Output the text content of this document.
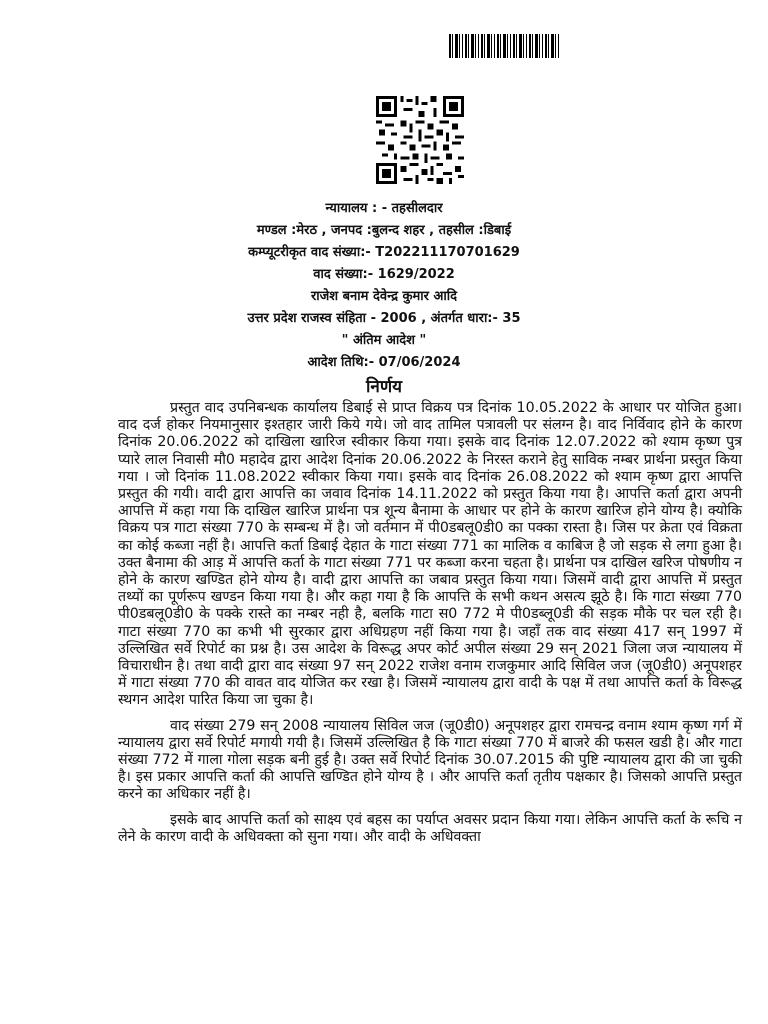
न्यायालय : - तहसीलदार
मण्डल :मेरठ , जनपद :बुलन्द शहर , तहसील :डिबाई
कम्प्यूटरीकृत वाद संख्या:- T202211170701629
वाद संख्या:- 1629/2022
राजेश बनाम देवेन्द्र कुमार आदि
उत्तर प्रदेश राजस्व संहिता - 2006 , अंतर्गत धारा:- 35
" अंतिम आदेश "
आदेश तिथि:- 07/06/2024
निर्णय

प्रस्तुत वाद उपनिबन्धक कार्यालय डिबाई से प्राप्त विक्रय पत्र दिनांक 10.05.2022 के आधार पर योजित हुआ। वाद दर्ज होकर नियमानुसार इश्तहार जारी किये गये। जो वाद तामिल पत्रावली पर संलग्न है। वाद निर्विवाद होने के कारण दिनांक 20.06.2022 को दाखिला खारिज स्वीकार किया गया। इसके वाद दिनांक 12.07.2022 को श्याम कृष्ण पुत्र प्यारे लाल निवासी मौ0 महादेव द्वारा आदेश दिनांक 20.06.2022 के निरस्त कराने हेतु साविक नम्बर प्रार्थना प्रस्तुत किया गया । जो दिनांक 11.08.2022 स्वीकार किया गया। इसके वाद दिनांक 26.08.2022 को श्याम कृष्ण द्वारा आपत्ति प्रस्तुत की गयी। वादी द्वारा आपत्ति का जवाव दिनांक 14.11.2022 को प्रस्तुत किया गया है। आपत्ति कर्ता द्वारा अपनी आपत्ति में कहा गया कि दाखिल खारिज प्रार्थना पत्र शून्य बैनामा के आधार पर होने के कारण खारिज होने योग्य है। क्योकि विक्रय पत्र गाटा संख्या 770 के सम्बन्ध में है। जो वर्तमान में पी0डबलू0डी0 का पक्का रास्ता है। जिस पर क्रेता एवं विक्रता का कोई कब्जा नहीं है। आपत्ति कर्ता डिबाई देहात के गाटा संख्या 771 का मालिक व काबिज है जो सड़क से लगा हुआ है। उक्त बैनामा की आड़ में आपत्ति कर्ता के गाटा संख्या 771 पर कब्जा करना चहता है। प्रार्थना पत्र दाखिल खरिज पोषणीय न होने के कारण खण्डित होने योग्य है। वादी द्वारा आपत्ति का जबाव प्रस्तुत किया गया। जिसमें वादी द्वारा आपत्ति में प्रस्तुत तथ्यों का पूर्णरूप खण्डन किया गया है। और कहा गया है कि आपत्ति के सभी कथन असत्य झूठे है। कि गाटा संख्या 770 पी0डबलू0डी0 के पक्के रास्ते का नम्बर नही है, बलकि गाटा स0 772 मे पी0डब्लू0डी की सड़क मौके पर चल रही है। गाटा संख्या 770 का कभी भी सुरकार द्वारा अधिग्रहण नहीं किया गया है। जहाँ तक वाद संख्या 417 सन् 1997 में उल्लिखित सर्वे रिपोर्ट का प्रश्न है। उस आदेश के विरूद्ध अपर कोर्ट अपील संख्या 29 सन् 2021 जिला जज न्यायालय में विचाराधीन है। तथा वादी द्वारा वाद संख्या 97 सन् 2022 राजेश वनाम राजकुमार आदि सिविल जज (जू0डी0) अनूपशहर में गाटा संख्या 770 की वावत वाद योजित कर रखा है। जिसमें न्यायालय द्वारा वादी के पक्ष में तथा आपत्ति कर्ता के विरूद्ध स्थगन आदेश पारित किया जा चुका है।

वाद संख्या 279 सन् 2008 न्यायालय सिविल जज (जू0डी0) अनूपशहर द्वारा रामचन्द्र वनाम श्याम कृष्ण गर्ग में न्यायालय द्वारा सर्वे रिपोर्ट मगायी गयी है। जिसमें उल्लिखित है कि गाटा संख्या 770 में बाजरे की फसल खडी है। और गाटा संख्या 772 में गाला गोला सड़क बनी हुई है। उक्त सर्वे रिपोर्ट दिनांक 30.07.2015 की पुष्टि न्यायालय द्वारा की जा चुकी है। इस प्रकार आपत्ति कर्ता की आपत्ति खण्डित होने योग्य है । और आपत्ति कर्ता तृतीय पक्षकार है। जिसको आपत्ति प्रस्तुत करने का अधिकार नहीं है।

इसके बाद आपत्ति कर्ता को साक्ष्य एवं बहस का पर्याप्त अवसर प्रदान किया गया। लेकिन आपत्ति कर्ता के रूचि न लेने के कारण वादी के अधिवक्ता को सुना गया। और वादी के अधिवक्ता
